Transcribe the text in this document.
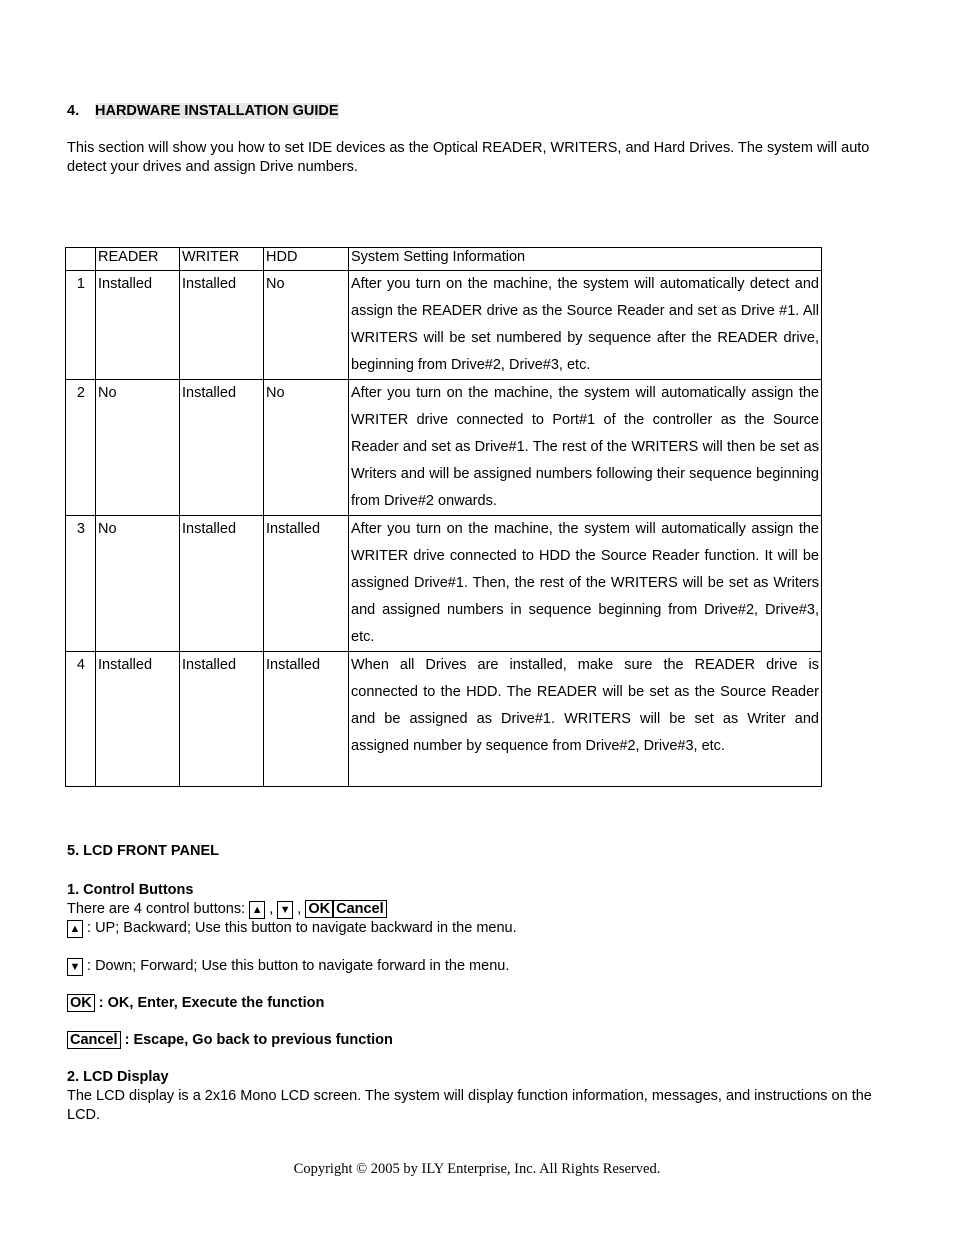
4. HARDWARE INSTALLATION GUIDE
This section will show you how to set IDE devices as the Optical READER, WRITERS, and Hard Drives. The system will auto detect your drives and assign Drive numbers.
	READER	WRITER	HDD	System Setting Information
1	Installed	Installed	No	After you turn on the machine, the system will automatically detect and assign the READER drive as the Source Reader and set as Drive #1. All WRITERS will be set numbered by sequence after the READER drive, beginning from Drive#2, Drive#3, etc.
2	No	Installed	No	After you turn on the machine, the system will automatically assign the WRITER drive connected to Port#1 of the controller as the Source Reader and set as Drive#1. The rest of the WRITERS will then be set as Writers and will be assigned numbers following their sequence beginning from Drive#2 onwards.
3	No	Installed	Installed	After you turn on the machine, the system will automatically assign the WRITER drive connected to HDD the Source Reader function. It will be assigned Drive#1. Then, the rest of the WRITERS will be set as Writers and assigned numbers in sequence beginning from Drive#2, Drive#3, etc.
4	Installed	Installed	Installed	When all Drives are installed, make sure the READER drive is connected to the HDD. The READER will be set as the Source Reader and be assigned as Drive#1. WRITERS will be set as Writer and assigned number by sequence from Drive#2, Drive#3, etc.
5. LCD FRONT PANEL
1. Control Buttons
There are 4 control buttons: ▲ , ▼ , OK Cancel
▲ : UP; Backward; Use this button to navigate backward in the menu.
▼ : Down; Forward; Use this button to navigate forward in the menu.
OK : OK, Enter, Execute the function
Cancel : Escape, Go back to previous function
2. LCD Display
The LCD display is a 2x16 Mono LCD screen. The system will display function information, messages, and instructions on the LCD.
Copyright © 2005 by ILY Enterprise, Inc. All Rights Reserved.
